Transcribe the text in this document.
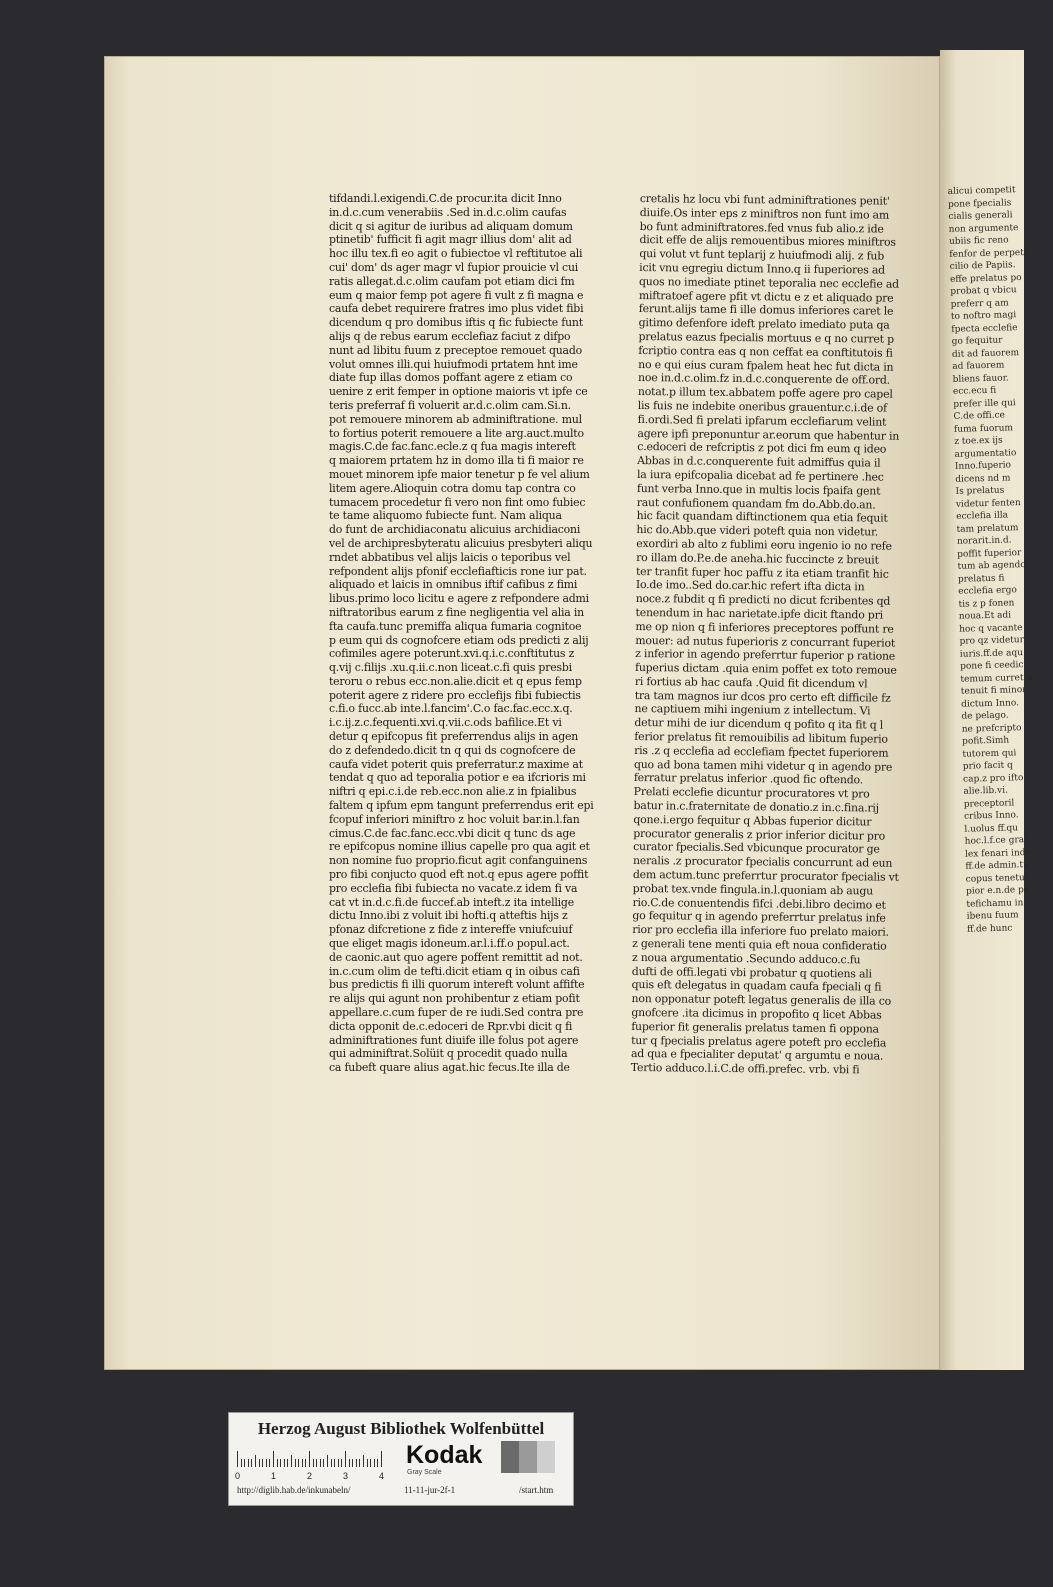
tifdandi.l.exigendi.C.de procur.ita dicit Inno

in.d.c.cum venerabiis .Sed in.d.c.olim caufas

dicit q si agitur de iuribus ad aliquam domum

ptinetib' fufficit fi agit magr illius dom' alit ad

hoc illu tex.fi eo agit o fubiectoe vl reftitutoe ali

cui' dom' ds ager magr vl fupior prouicie vl cui

ratis allegat.d.c.olim caufam pot etiam dici fm

eum q maior femp pot agere fi vult z fi magna e

caufa debet requirere fratres imo plus videt fibi

dicendum q pro domibus iftis q fic fubiecte funt

alijs q de rebus earum ecclefiaz faciut z difpo

nunt ad libitu fuum z preceptoe remouet quado

volut omnes illi.qui huiufmodi prtatem hnt ime

diate fup illas domos poffant agere z etiam co

uenire z erit femper in optione maioris vt ipfe ce

teris preferraf fi voluerit ar.d.c.olim cam.Si.n.

pot remouere minorem ab adminiftratione. mul

to fortius poterit remouere a lite arg.auct.multo

magis.C.de fac.fanc.ecle.z q fua magis intereft

q maiorem prtatem hz in domo illa ti fi maior re

mouet minorem ipfe maior tenetur p fe vel alium

litem agere.Alioquin cotra domu tap contra co

tumacem procedetur fi vero non fint omo fubiec

te tame aliquomo fubiecte funt. Nam aliqua

do funt de archidiaconatu alicuius archidiaconi

vel de archipresbyteratu alicuius presbyteri aliqu

rndet abbatibus vel alijs laicis o teporibus vel

refpondent alijs pfonif ecclefiafticis rone iur pat.

aliquado et laicis in omnibus iftif cafibus z fimi

libus.primo loco licitu e agere z refpondere admi

niftratoribus earum z fine negligentia vel alia in

fta caufa.tunc premiffa aliqua fumaria cognitoe

p eum qui ds cognofcere etiam ods predicti z alij

cofimiles agere poterunt.xvi.q.i.c.conftitutus z

q.vij c.filijs .xu.q.ii.c.non liceat.c.fi quis presbi

teroru o rebus ecc.non.alie.dicit et q epus femp

poterit agere z ridere pro ecclefijs fibi fubiectis

c.fi.o fucc.ab inte.l.fancim'.C.o fac.fac.ecc.x.q.

i.c.ij.z.c.fequenti.xvi.q.vii.c.ods bafilice.Et vi

detur q epifcopus fit preferrendus alijs in agen

do z defendedo.dicit tn q qui ds cognofcere de

caufa videt poterit quis preferratur.z maxime at

tendat q quo ad teporalia potior e ea ifcrioris mi

niftri q epi.c.i.de reb.ecc.non alie.z in fpialibus

faltem q ipfum epm tangunt preferrendus erit epi

fcopuf inferiori miniftro z hoc voluit bar.in.l.fan

cimus.C.de fac.fanc.ecc.vbi dicit q tunc ds age

re epifcopus nomine illius capelle pro qua agit et

non nomine fuo proprio.ficut agit confanguinens

pro fibi conjucto quod eft not.q epus agere poffit

pro ecclefia fibi fubiecta no vacate.z idem fi va

cat vt in.d.c.fi.de fuccef.ab inteft.z ita intellige

dictu Inno.ibi z voluit ibi hofti.q atteftis hijs z

pfonaz difcretione z fide z intereffe vniufcuiuf

que eliget magis idoneum.ar.l.i.ff.o popul.act.

de caonic.aut quo agere poffent remittit ad not.

in.c.cum olim de tefti.dicit etiam q in oibus cafi

bus predictis fi illi quorum intereft volunt affifte

re alijs qui agunt non prohibentur z etiam pofit

appellare.c.cum fuper de re iudi.Sed contra pre

dicta opponit de.c.edoceri de Rpr.vbi dicit q fi

adminiftrationes funt diuife ille folus pot agere

qui adminiftrat.Solüit q procedit quado nulla

ca fubeft quare alius agat.hic fecus.Ite illa de

cretalis hz locu vbi funt adminiftrationes penit'

diuife.Os inter eps z miniftros non funt imo am

bo funt adminiftratores.fed vnus fub alio.z ide

dicit effe de alijs remouentibus miores miniftros

qui volut vt funt teplarij z huiufmodi alij. z fub

icit vnu egregiu dictum Inno.q ii fuperiores ad

quos no imediate ptinet teporalia nec ecclefie ad

miftratoef agere pfit vt dictu e z et aliquado pre

ferunt.alijs tame fi ille domus inferiores caret le

gitimo defenfore ideft prelato imediato puta qa

prelatus eazus fpecialis mortuus e q no curret p

fcriptio contra eas q non ceffat ea conftitutois fi

no e qui eius curam fpalem heat hec fut dicta in

noe in.d.c.olim.fz in.d.c.conquerente de off.ord.

notat.p illum tex.abbatem poffe agere pro capel

lis fuis ne indebite oneribus grauentur.c.i.de of

fi.ordi.Sed fi prelati ipfarum ecclefiarum velint

agere ipfi preponuntur ar.eorum que habentur in

c.edoceri de refcriptis z pot dici fm eum q ideo

Abbas in d.c.conquerente fuit admiffus quia il

la iura epifcopalia dicebat ad fe pertinere .hec

funt verba Inno.que in multis locis fpaifa gent

raut confufionem quandam fm do.Abb.do.an.

hic facit quandam diftinctionem qua etia fequit

hic do.Abb.que videri poteft quia non videtur.

exordiri ab alto z fublimi eoru ingenio io no refe

ro illam do.P.e.de aneha.hic fuccincte z breuit

ter tranfit fuper hoc paffu z ita etiam tranfit hic

Io.de imo..Sed do.car.hic refert ifta dicta in

noce.z fubdit q fi predicti no dicut fcribentes qd

tenendum in hac narietate.ipfe dicit ftando pri

me op nion q fi inferiores preceptores poffunt re

mouer: ad nutus fuperioris z concurrant fuperiot

z inferior in agendo preferrtur fuperior p ratione

fuperius dictam .quia enim poffet ex toto remoue

ri fortius ab hac caufa .Quid fit dicendum vl

tra tam magnos iur dcos pro certo eft difficile fz

ne captiuem mihi ingenium z intellectum. Vi

detur mihi de iur dicendum q pofito q ita fit q l

ferior prelatus fit remouibilis ad libitum fuperio

ris .z q ecclefia ad ecclefiam fpectet fuperiorem

quo ad bona tamen mihi videtur q in agendo pre

ferratur prelatus inferior .quod fic oftendo.

Prelati ecclefie dicuntur procuratores vt pro

batur in.c.fraternitate de donatio.z in.c.fina.rij

qone.i.ergo fequitur q Abbas fuperior dicitur

procurator generalis z prior inferior dicitur pro

curator fpecialis.Sed vbicunque procurator ge

neralis .z procurator fpecialis concurrunt ad eun

dem actum.tunc preferrtur procurator fpecialis vt

probat tex.vnde fingula.in.l.quoniam ab augu

rio.C.de conuentendis fifci .debi.libro decimo et

go fequitur q in agendo preferrtur prelatus infe

rior pro ecclefia illa inferiore fuo prelato maiori.

z generali tene menti quia eft noua confideratio

z noua argumentatio .Secundo adduco.c.fu

dufti de offi.legati vbi probatur q quotiens ali

quis eft delegatus in quadam caufa fpeciali q fi

non opponatur poteft legatus generalis de illa co

gnofcere .ita dicimus in propofito q licet Abbas

fuperior fit generalis prelatus tamen fi oppona

tur q fpecialis prelatus agere poteft pro ecclefia

ad qua e fpecialiter deputat' q argumtu e noua.

Tertio adduco.l.i.C.de offi.prefec. vrb. vbi fi

alicui competit

pone fpecialis

cialis generali

non argumente

ubiis fic reno

fenfor de perpetu

cilio de Papiis.

effe prelatus po

probat q vbicu

preferr q am

to noftro magi

fpecta ecclefie

go fequitur

dit ad fauorem

ad fauorem

bliens fauor.

ecc.ecu fi

prefer ille qui

C.de offi.ce

fuma fuorum

z toe.ex ijs

argumentatio

Inno.fuperio

dicens nd m

Is prelatus

videtur fenten

ecclefia illa

tam prelatum

norarit.in.d.

poffit fuperior

tum ab agendo

prelatus fi

ecclefia ergo

tis z p fonen

noua.Et adi

hoc q vacante

pro qz videtur

iuris.ff.de aqu

pone fi ceedic

temum curret p

tenuit fi minor

dictum Inno.

de pelago.

ne prefcripto

pofit.Simh

tutorem qui

prio facit q

cap.z pro ifto

alie.lib.vi.

preceptoril

cribus Inno.

l.uolus ff.qu

hoc.l.f.ce grat

lex fenari inde

ff.de admin.tu

copus tenetur

pior e.n.de pe

tefichamu in

ibenu fuum

ff.de hunc

Herzog August Bibliothek Wolfenbüttel
0	1	2	3	4
Kodak
Gray Scale
http://diglib.hab.de/inkunabeln/	11-11-jur-2f-1	/start.htm
